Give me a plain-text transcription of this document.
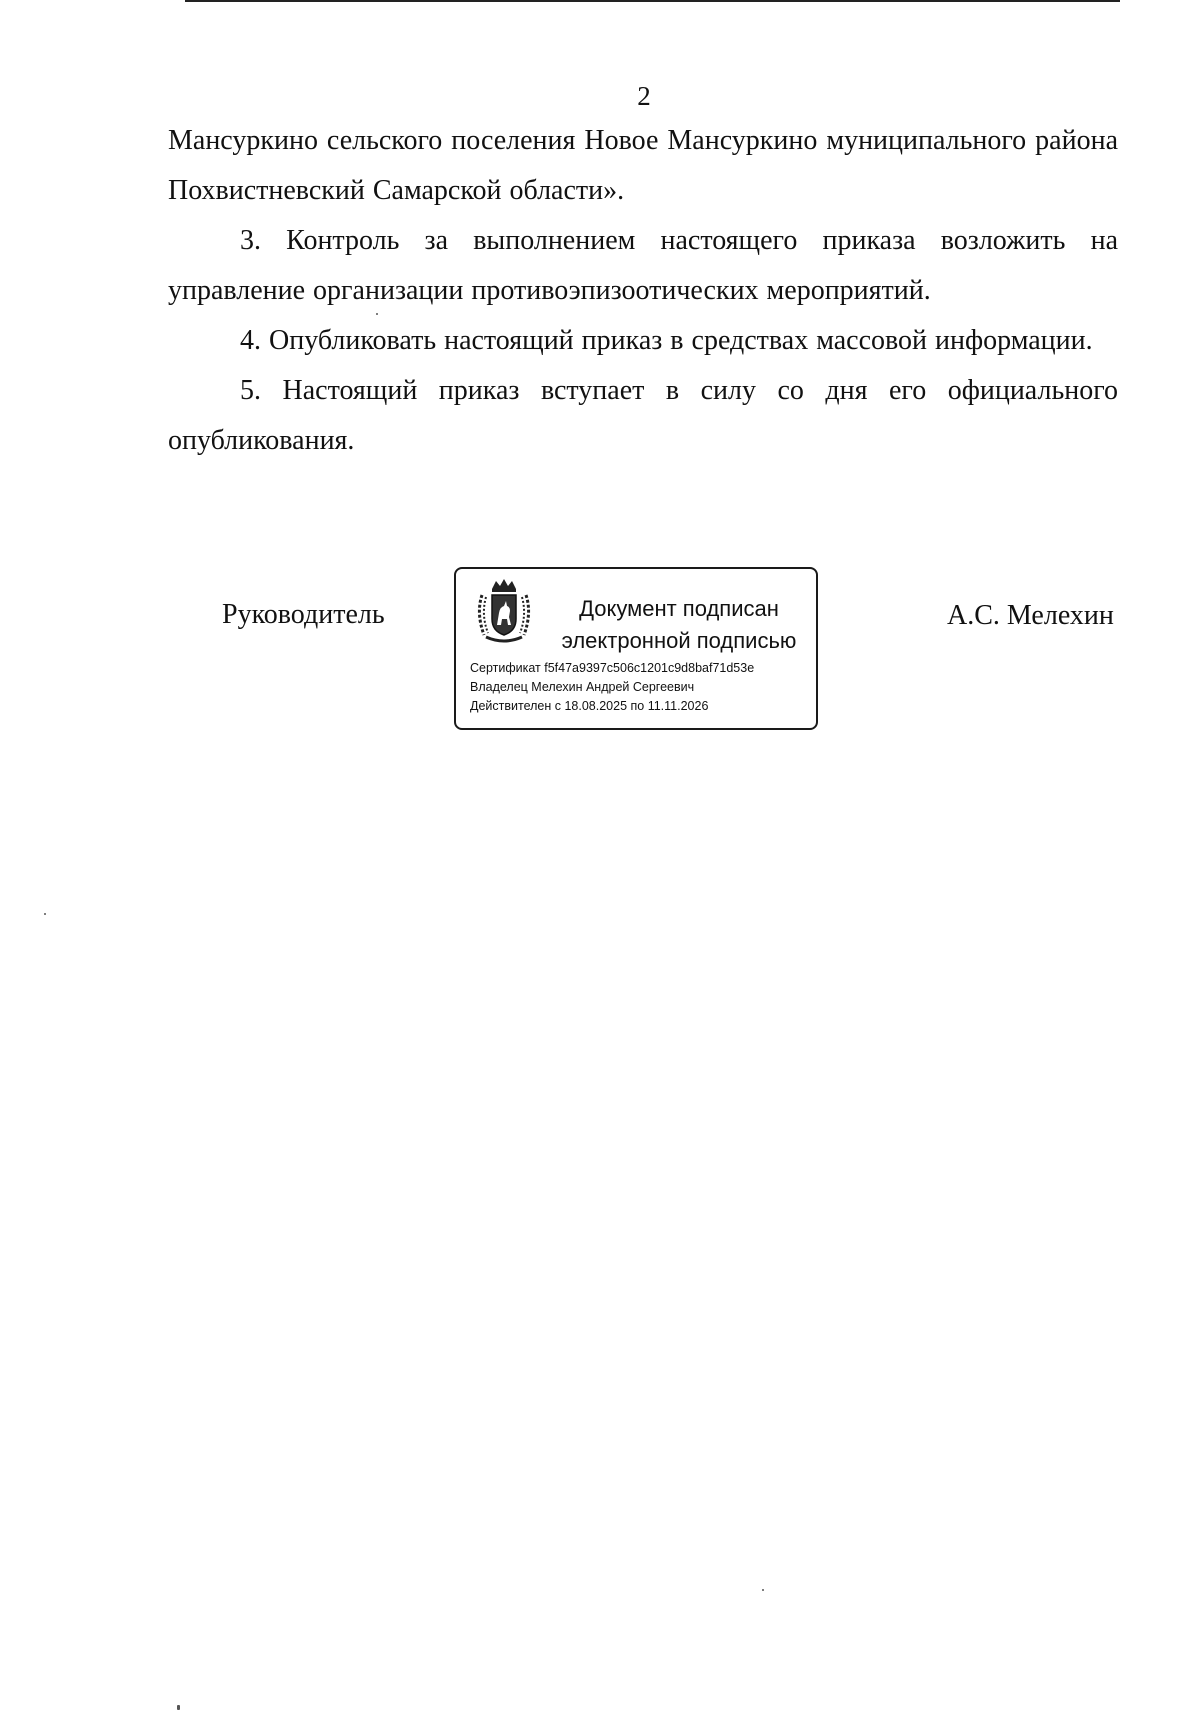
2

Мансуркино сельского поселения Новое Мансуркино муниципального района Похвистневский Самарской области».

3. Контроль за выполнением настоящего приказа возложить на управление организации противоэпизоотических мероприятий.

4. Опубликовать настоящий приказ в средствах массовой информации.

5. Настоящий приказ вступает в силу со дня его официального опубликования.

Руководитель	Документ подписан
электронной подписью
Сертификат f5f47a9397c506c1201c9d8baf71d53e
Владелец Мелехин Андрей Сергеевич
Действителен с 18.08.2025 по 11.11.2026
А.С. Мелехин
